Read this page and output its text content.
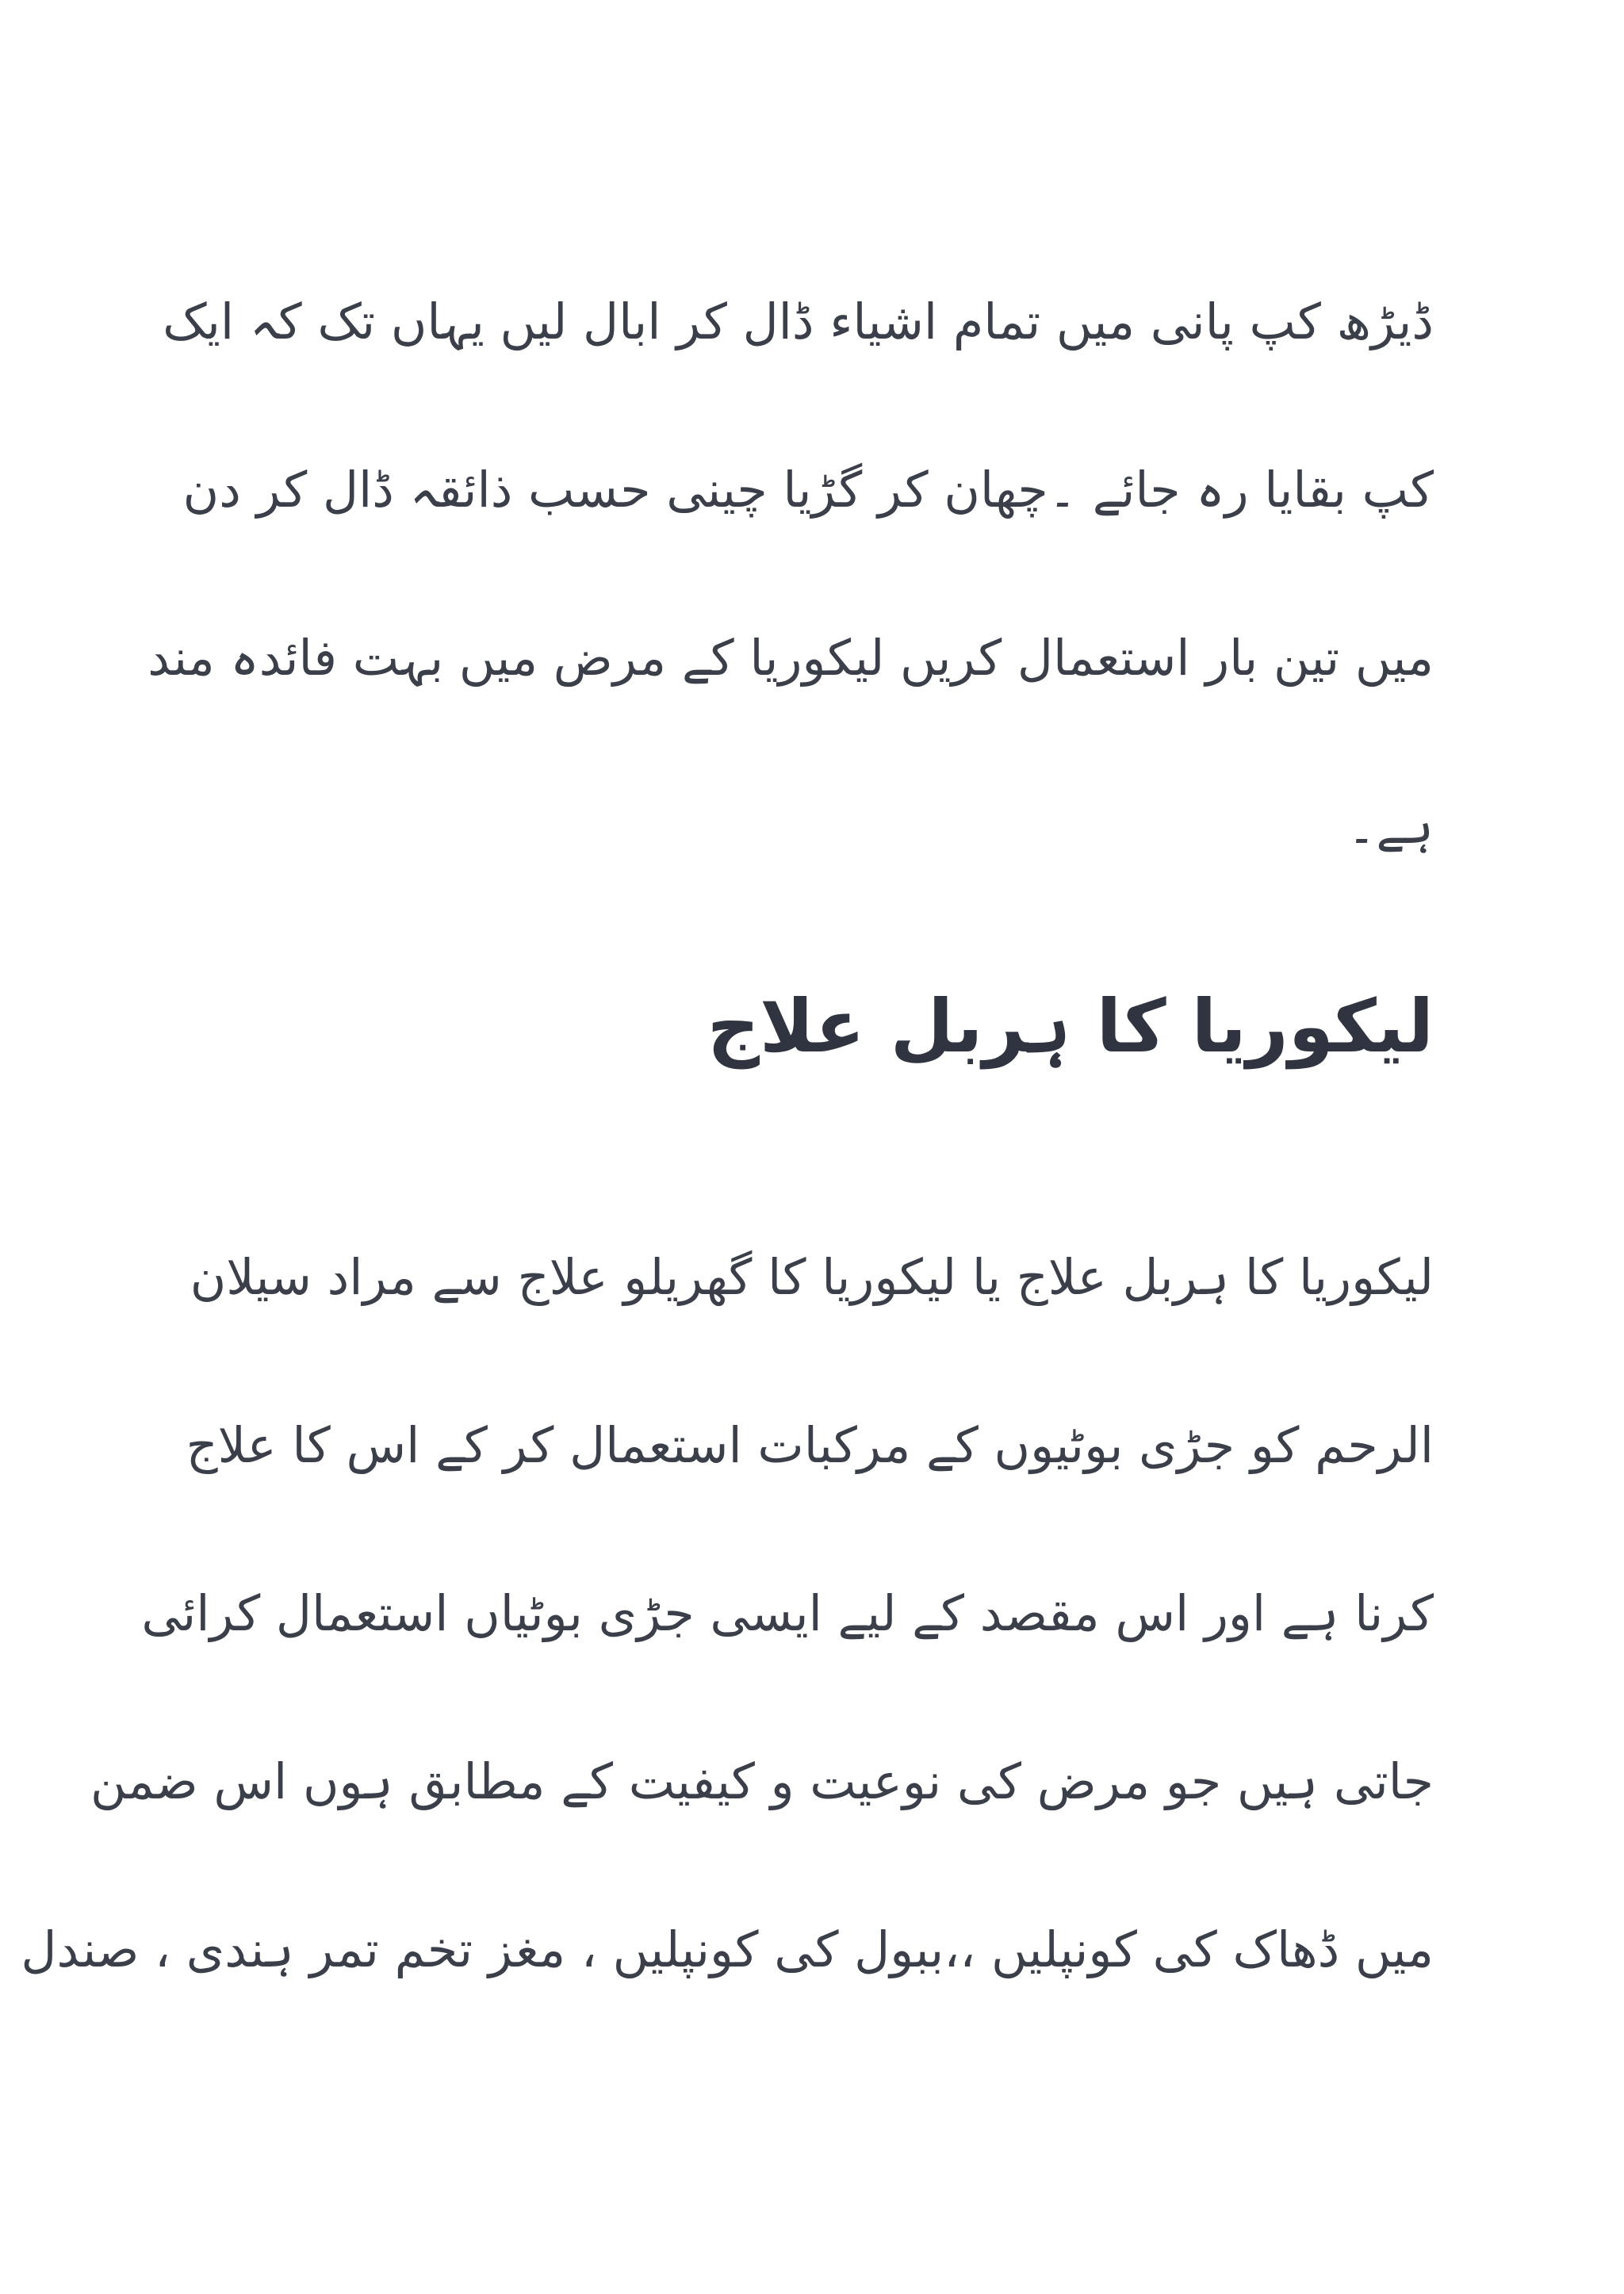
ڈیڑھ کپ پانی میں تمام اشیاء ڈال کر ابال لیں یہاں تک کہ ایک
کپ بقایا رہ جائے ۔چھان کر گڑیا چینی حسب ذائقہ ڈال کر دن
میں تین بار استعمال کریں لیکوریا کے مرض میں بہت فائدہ مند
ہے۔
لیکوریا کا ہربل علاج
لیکوریا کا ہربل علاج یا لیکوریا کا گھریلو علاج سے مراد سیلان
الرحم کو جڑی بوٹیوں کے مرکبات استعمال کر کے اس کا علاج
کرنا ہے اور اس مقصد کے لیے ایسی جڑی بوٹیاں استعمال کرائی
جاتی ہیں جو مرض کی نوعیت و کیفیت کے مطابق ہوں اس ضمن
میں ڈھاک کی کونپلیں ،،ببول کی کونپلیں ، مغز تخم تمر ہندی ، صندل
